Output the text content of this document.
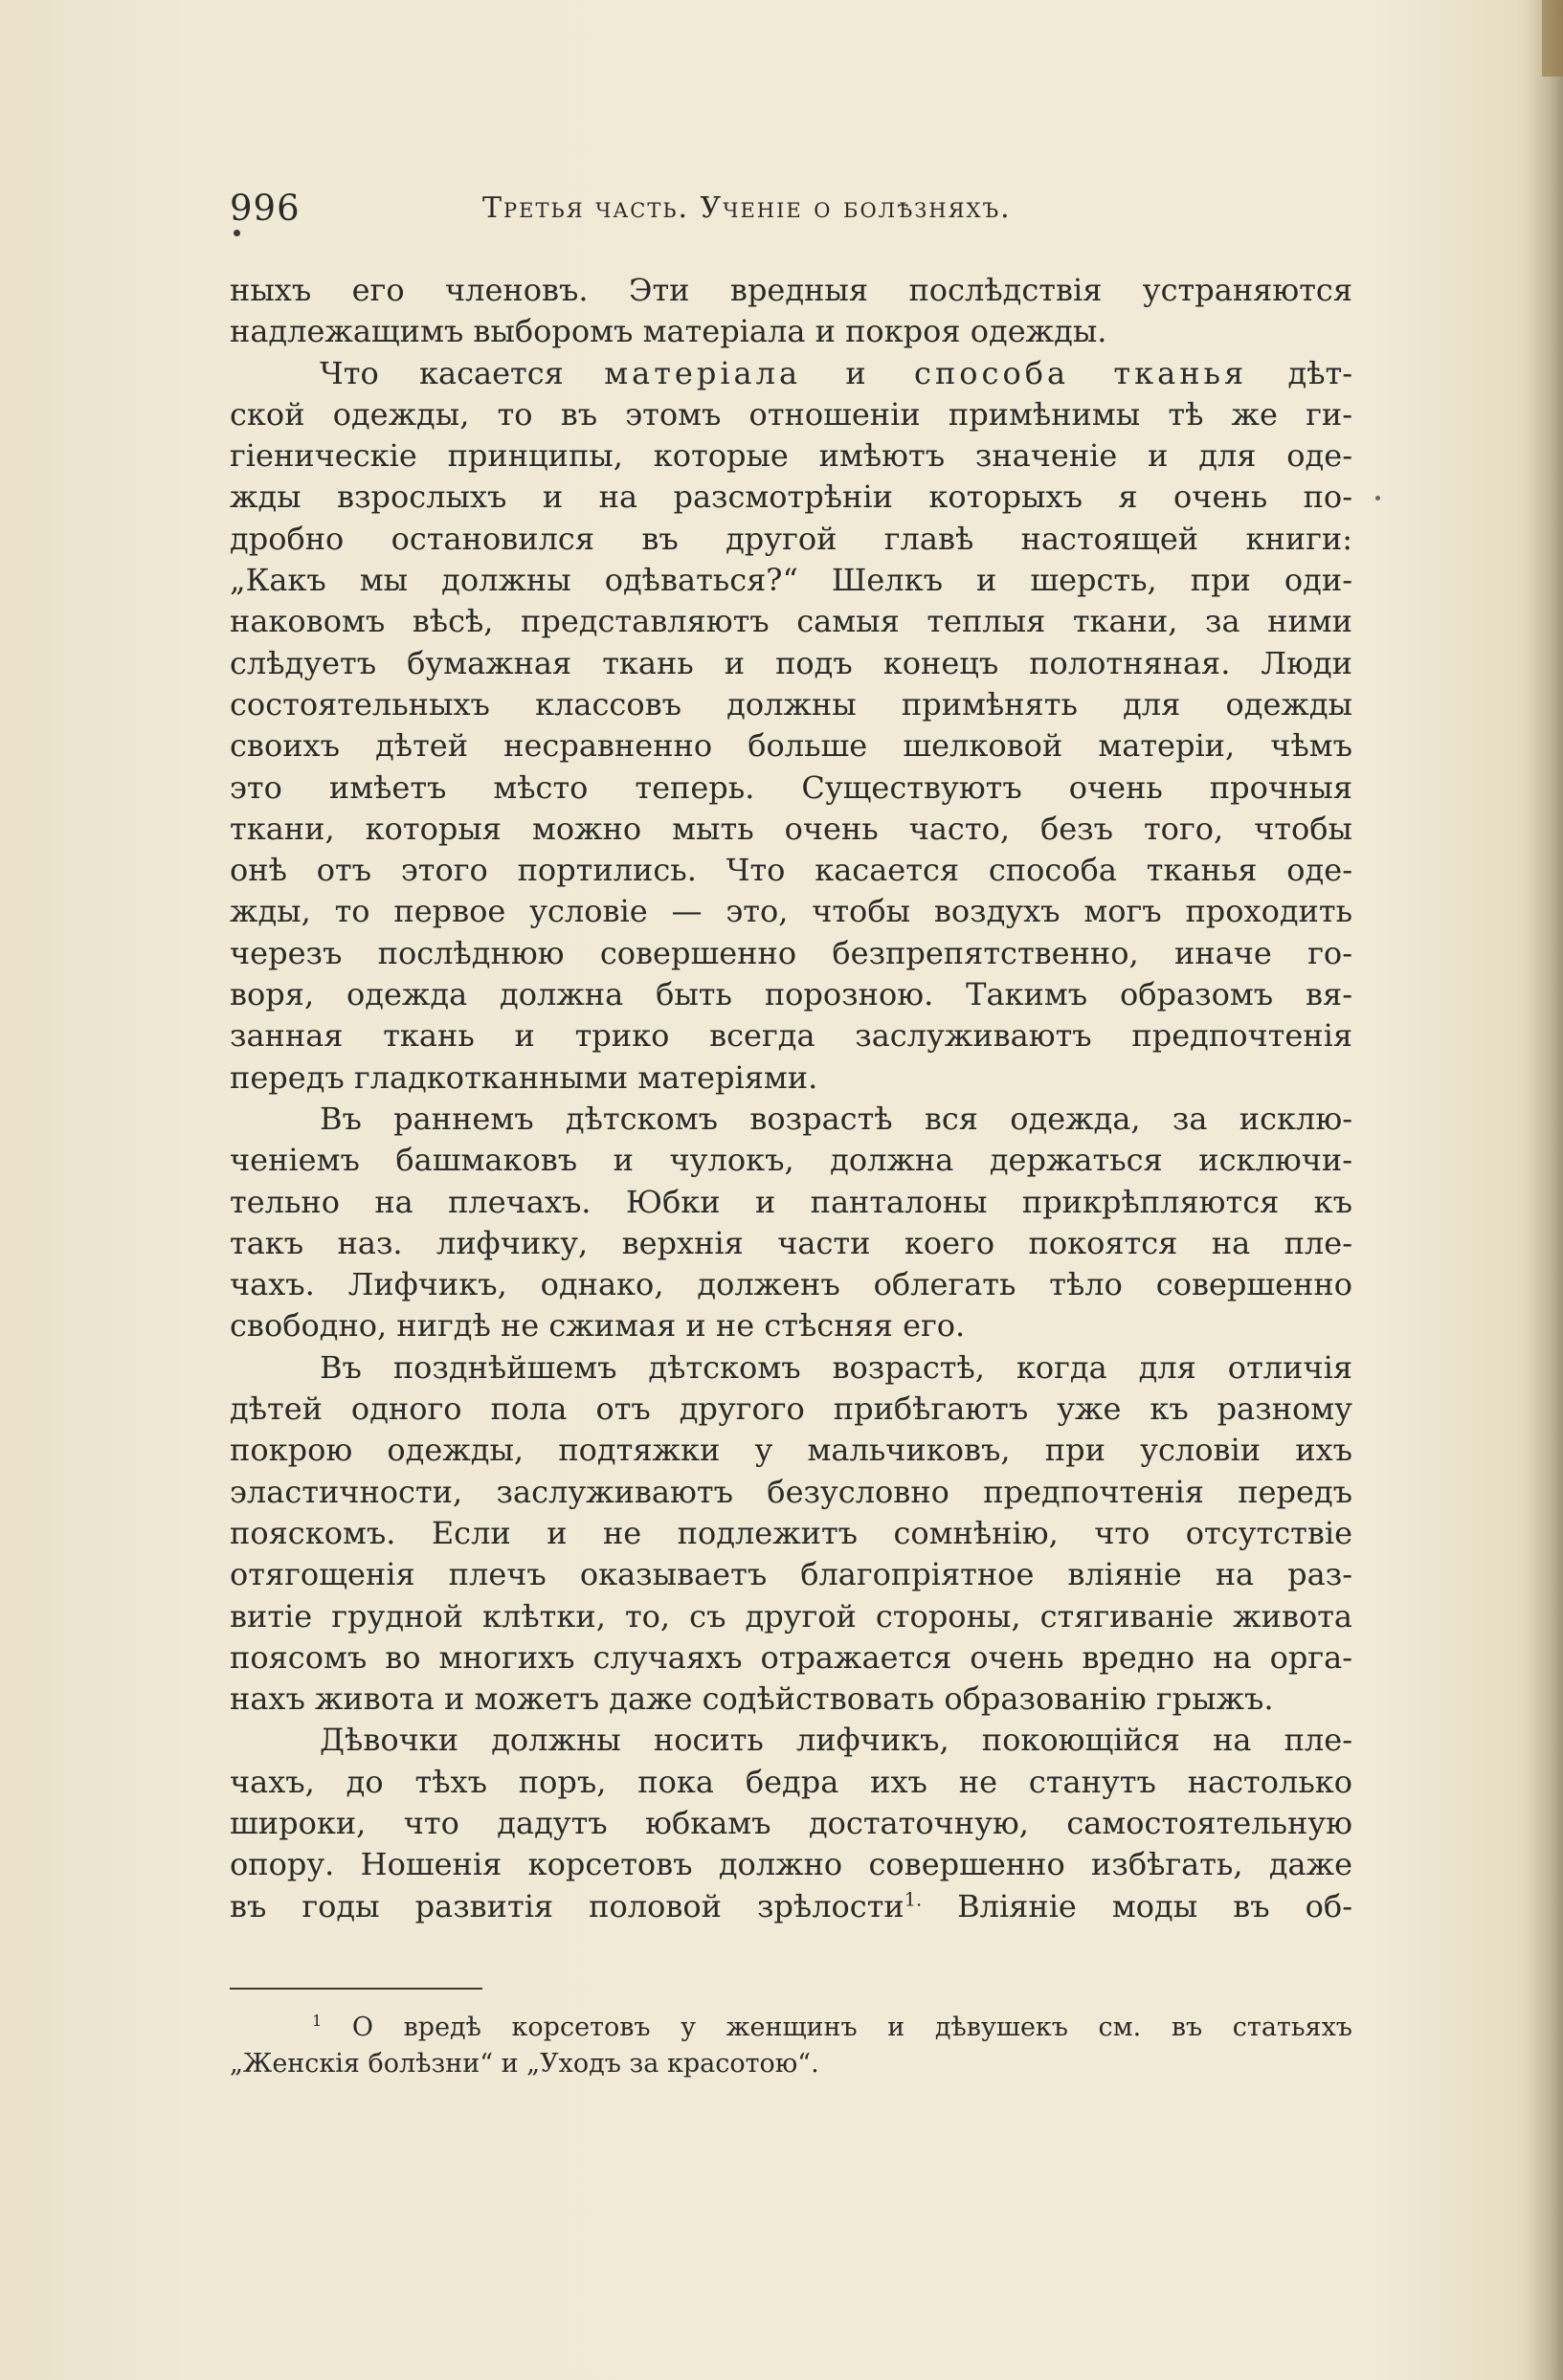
996	Третья часть. Ученіе о болѣзняхъ.
ныхъ его членовъ. Эти вредныя послѣдствія устраняются
надлежащимъ выборомъ матеріала и покроя одежды.
Что касается матеріала и способа тканья дѣт-
ской одежды, то въ этомъ отношеніи примѣнимы тѣ же ги-
гіеническіе принципы, которые имѣютъ значеніе и для оде-
жды взрослыхъ и на разсмотрѣніи которыхъ я очень по-
дробно остановился въ другой главѣ настоящей книги:
„Какъ мы должны одѣваться?“ Шелкъ и шерсть, при оди-
наковомъ вѣсѣ, представляютъ самыя теплыя ткани, за ними
слѣдуетъ бумажная ткань и подъ конецъ полотняная. Люди
состоятельныхъ классовъ должны примѣнять для одежды
своихъ дѣтей несравненно больше шелковой матеріи, чѣмъ
это имѣетъ мѣсто теперь. Существуютъ очень прочныя
ткани, которыя можно мыть очень часто, безъ того, чтобы
онѣ отъ этого портились. Что касается способа тканья оде-
жды, то первое условіе — это, чтобы воздухъ могъ проходить
черезъ послѣднюю совершенно безпрепятственно, иначе го-
воря, одежда должна быть порозною. Такимъ образомъ вя-
занная ткань и трико всегда заслуживаютъ предпочтенія
передъ гладкотканными матеріями.
Въ раннемъ дѣтскомъ возрастѣ вся одежда, за исклю-
ченіемъ башмаковъ и чулокъ, должна держаться исключи-
тельно на плечахъ. Юбки и панталоны прикрѣпляются къ
такъ наз. лифчику, верхнія части коего покоятся на пле-
чахъ. Лифчикъ, однако, долженъ облегать тѣло совершенно
свободно, нигдѣ не сжимая и не стѣсняя его.
Въ позднѣйшемъ дѣтскомъ возрастѣ, когда для отличія
дѣтей одного пола отъ другого прибѣгаютъ уже къ разному
покрою одежды, подтяжки у мальчиковъ, при условіи ихъ
эластичности, заслуживаютъ безусловно предпочтенія передъ
пояскомъ. Если и не подлежитъ сомнѣнію, что отсутствіе
отягощенія плечъ оказываетъ благопріятное вліяніе на раз-
витіе грудной клѣтки, то, съ другой стороны, стягиваніе живота
поясомъ во многихъ случаяхъ отражается очень вредно на орга-
нахъ живота и можетъ даже содѣйствовать образованію грыжъ.
Дѣвочки должны носить лифчикъ, покоющійся на пле-
чахъ, до тѣхъ поръ, пока бедра ихъ не станутъ настолько
широки, что дадутъ юбкамъ достаточную, самостоятельную
опору. Ношенія корсетовъ должно совершенно избѣгать, даже
въ годы развитія половой зрѣлости$^{1.}$ Вліяніе моды въ об-
$^1$ О вредѣ корсетовъ у женщинъ и дѣвушекъ см. въ статьяхъ
„Женскія болѣзни“ и „Уходъ за красотою“.
